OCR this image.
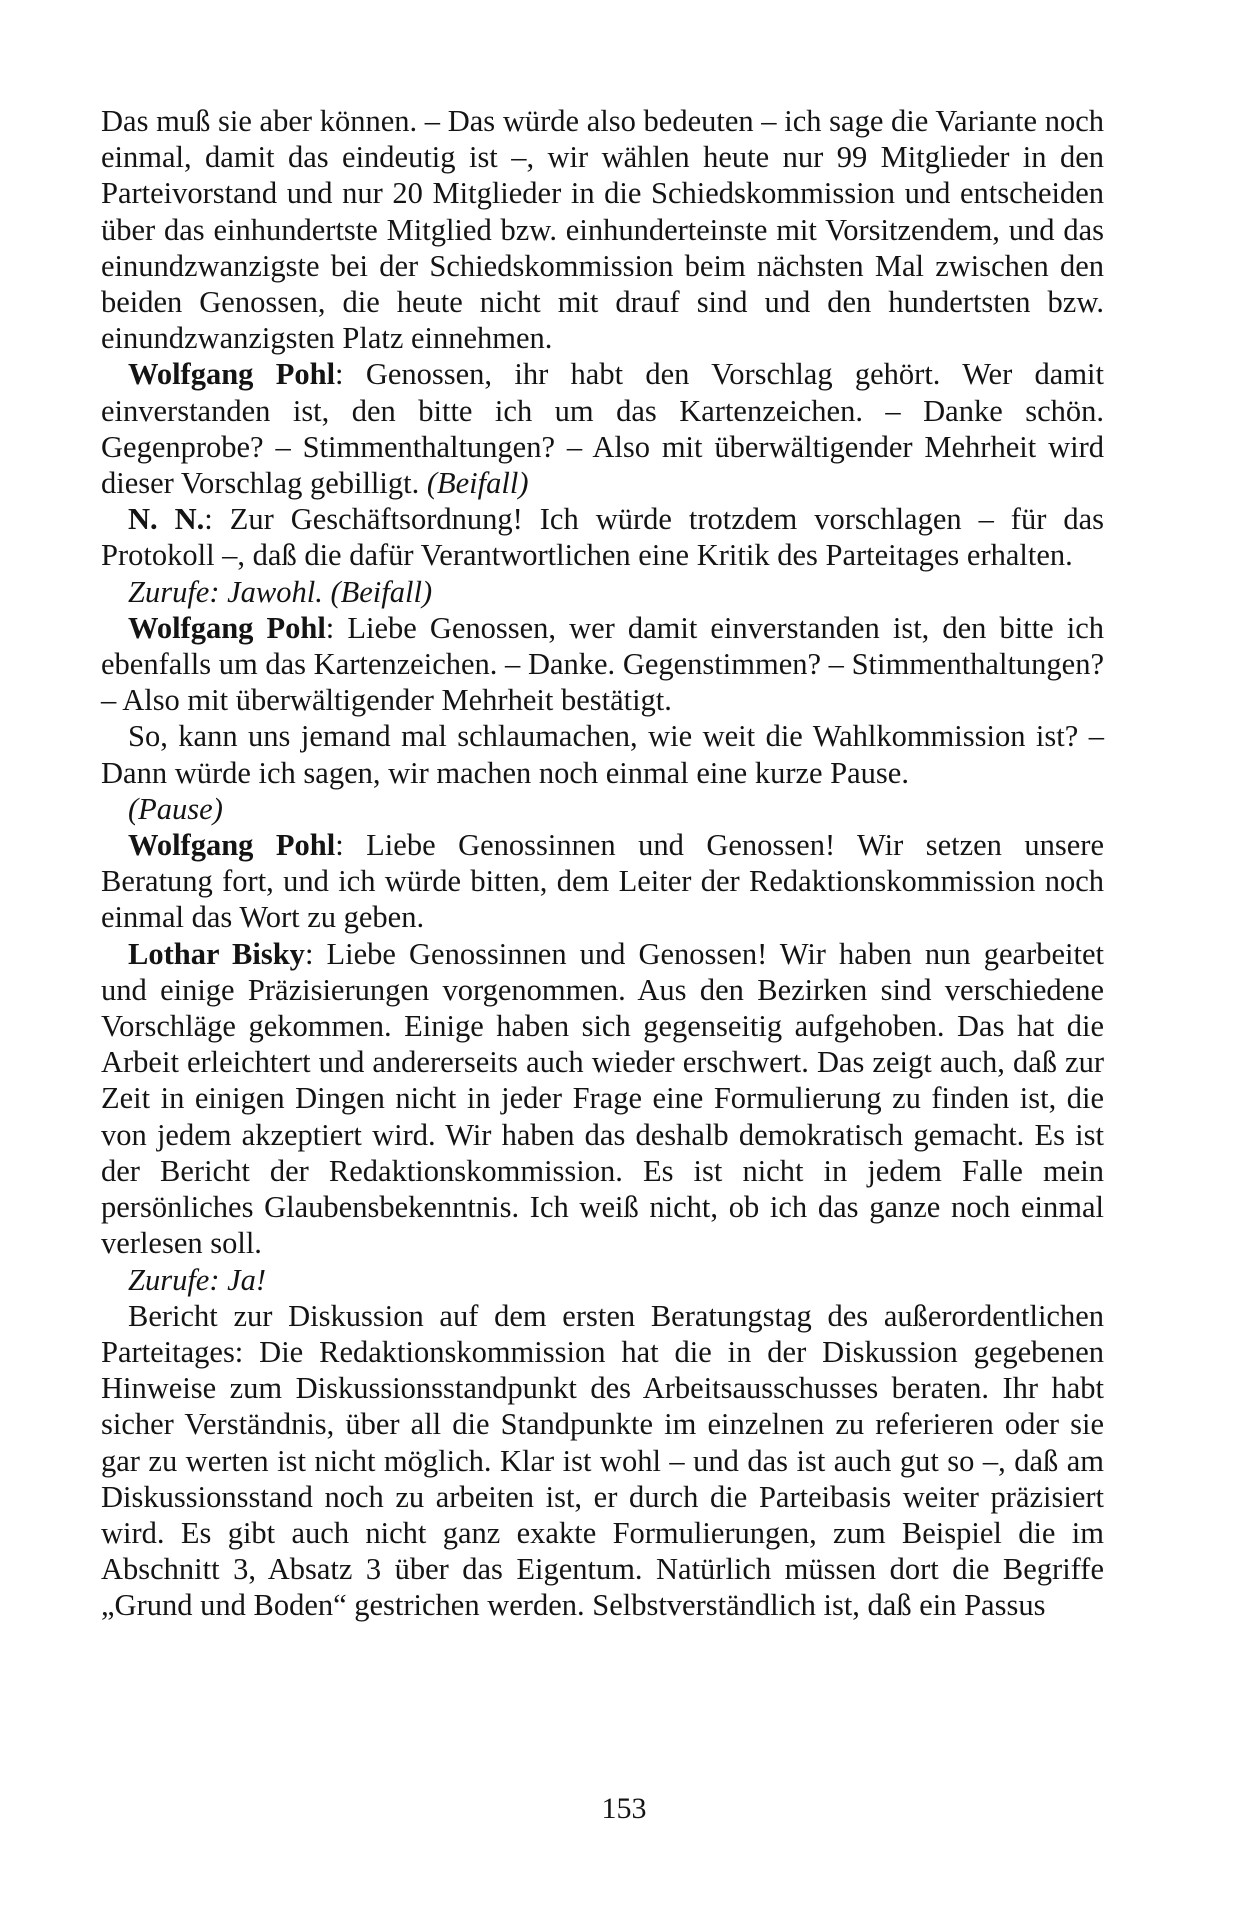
Das muß sie aber können. – Das würde also bedeuten – ich sage die Variante noch einmal, damit das eindeutig ist –, wir wählen heute nur 99 Mitglieder in den Parteivorstand und nur 20 Mitglieder in die Schiedskommission und entscheiden über das einhundertste Mitglied bzw. einhunderteinste mit Vorsitzendem, und das einundzwanzigste bei der Schiedskommission beim nächsten Mal zwischen den beiden Genossen, die heute nicht mit drauf sind und den hundertsten bzw. einundzwanzigsten Platz einnehmen.

Wolfgang Pohl: Genossen, ihr habt den Vorschlag gehört. Wer damit einverstanden ist, den bitte ich um das Kartenzeichen. – Danke schön. Gegenprobe? – Stimmenthaltungen? – Also mit überwältigender Mehrheit wird dieser Vorschlag gebilligt. (Beifall)

N. N.: Zur Geschäftsordnung! Ich würde trotzdem vorschlagen – für das Protokoll –, daß die dafür Verantwortlichen eine Kritik des Parteitages erhalten.

Zurufe: Jawohl. (Beifall)

Wolfgang Pohl: Liebe Genossen, wer damit einverstanden ist, den bitte ich ebenfalls um das Kartenzeichen. – Danke. Gegenstimmen? – Stimmenthaltungen? – Also mit überwältigender Mehrheit bestätigt.

So, kann uns jemand mal schlaumachen, wie weit die Wahlkommission ist? – Dann würde ich sagen, wir machen noch einmal eine kurze Pause.

(Pause)

Wolfgang Pohl: Liebe Genossinnen und Genossen! Wir setzen unsere Beratung fort, und ich würde bitten, dem Leiter der Redaktionskommission noch einmal das Wort zu geben.

Lothar Bisky: Liebe Genossinnen und Genossen! Wir haben nun gearbeitet und einige Präzisierungen vorgenommen. Aus den Bezirken sind verschiedene Vorschläge gekommen. Einige haben sich gegenseitig aufgehoben. Das hat die Arbeit erleichtert und andererseits auch wieder erschwert. Das zeigt auch, daß zur Zeit in einigen Dingen nicht in jeder Frage eine Formulierung zu finden ist, die von jedem akzeptiert wird. Wir haben das deshalb demokratisch gemacht. Es ist der Bericht der Redaktionskommission. Es ist nicht in jedem Falle mein persönliches Glaubensbekenntnis. Ich weiß nicht, ob ich das ganze noch einmal verlesen soll.

Zurufe: Ja!

Bericht zur Diskussion auf dem ersten Beratungstag des außerordentlichen Parteitages: Die Redaktionskommission hat die in der Diskussion gegebenen Hinweise zum Diskussionsstandpunkt des Arbeitsausschusses beraten. Ihr habt sicher Verständnis, über all die Standpunkte im einzelnen zu referieren oder sie gar zu werten ist nicht möglich. Klar ist wohl – und das ist auch gut so –, daß am Diskussionsstand noch zu arbeiten ist, er durch die Parteibasis weiter präzisiert wird. Es gibt auch nicht ganz exakte Formulierungen, zum Beispiel die im Abschnitt 3, Absatz 3 über das Eigentum. Natürlich müssen dort die Begriffe „Grund und Boden“ gestrichen werden. Selbstverständlich ist, daß ein Passus

153
